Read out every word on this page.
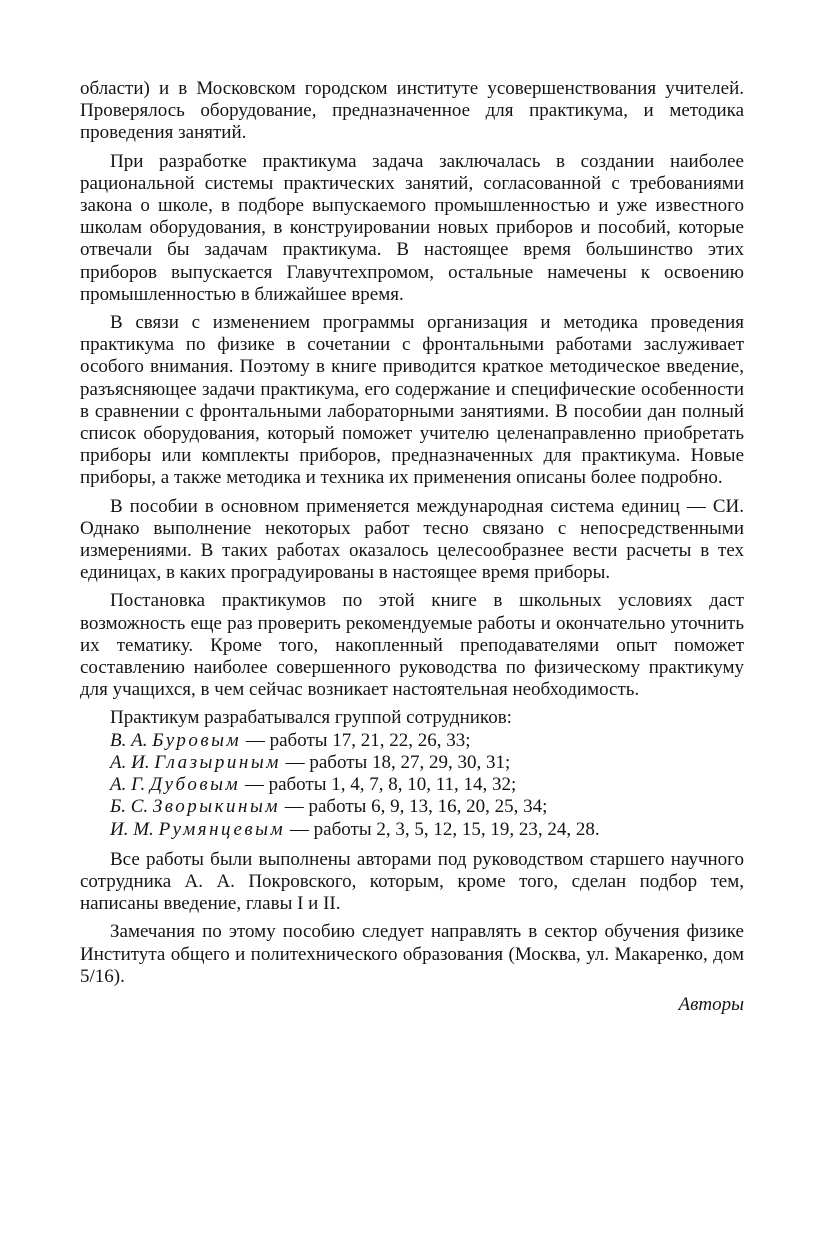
области) и в Московском городском институте усовершенствования учителей. Проверялось оборудование, предназначенное для практикума, и методика проведения занятий.

При разработке практикума задача заключалась в создании наиболее рациональной системы практических занятий, согласованной с требованиями закона о школе, в подборе выпускаемого промышленностью и уже известного школам оборудования, в конструировании новых приборов и пособий, которые отвечали бы задачам практикума. В настоящее время большинство этих приборов выпускается Главучтехпромом, остальные намечены к освоению промышленностью в ближайшее время.

В связи с изменением программы организация и методика проведения практикума по физике в сочетании с фронтальными работами заслуживает особого внимания. Поэтому в книге приводится краткое методическое введение, разъясняющее задачи практикума, его содержание и специфические особенности в сравнении с фронтальными лабораторными занятиями. В пособии дан полный список оборудования, который поможет учителю целенаправленно приобретать приборы или комплекты приборов, предназначенных для практикума. Новые приборы, а также методика и техника их применения описаны более подробно.

В пособии в основном применяется международная система единиц — СИ. Однако выполнение некоторых работ тесно связано с непосредственными измерениями. В таких работах оказалось целесообразнее вести расчеты в тех единицах, в каких проградуированы в настоящее время приборы.

Постановка практикумов по этой книге в школьных условиях даст возможность еще раз проверить рекомендуемые работы и окончательно уточнить их тематику. Кроме того, накопленный преподавателями опыт поможет составлению наиболее совершенного руководства по физическому практикуму для учащихся, в чем сейчас возникает настоятельная необходимость.

Практикум разрабатывался группой сотрудников:

В. А. Буровым — работы 17, 21, 22, 26, 33;
А. И. Глазыриным — работы 18, 27, 29, 30, 31;
А. Г. Дубовым — работы 1, 4, 7, 8, 10, 11, 14, 32;
Б. С. Зворыкиным — работы 6, 9, 13, 16, 20, 25, 34;
И. М. Румянцевым — работы 2, 3, 5, 12, 15, 19, 23, 24, 28.

Все работы были выполнены авторами под руководством старшего научного сотрудника А. А. Покровского, которым, кроме того, сделан подбор тем, написаны введение, главы I и II.

Замечания по этому пособию следует направлять в сектор обучения физике Института общего и политехнического образования (Москва, ул. Макаренко, дом 5/16).

Авторы
